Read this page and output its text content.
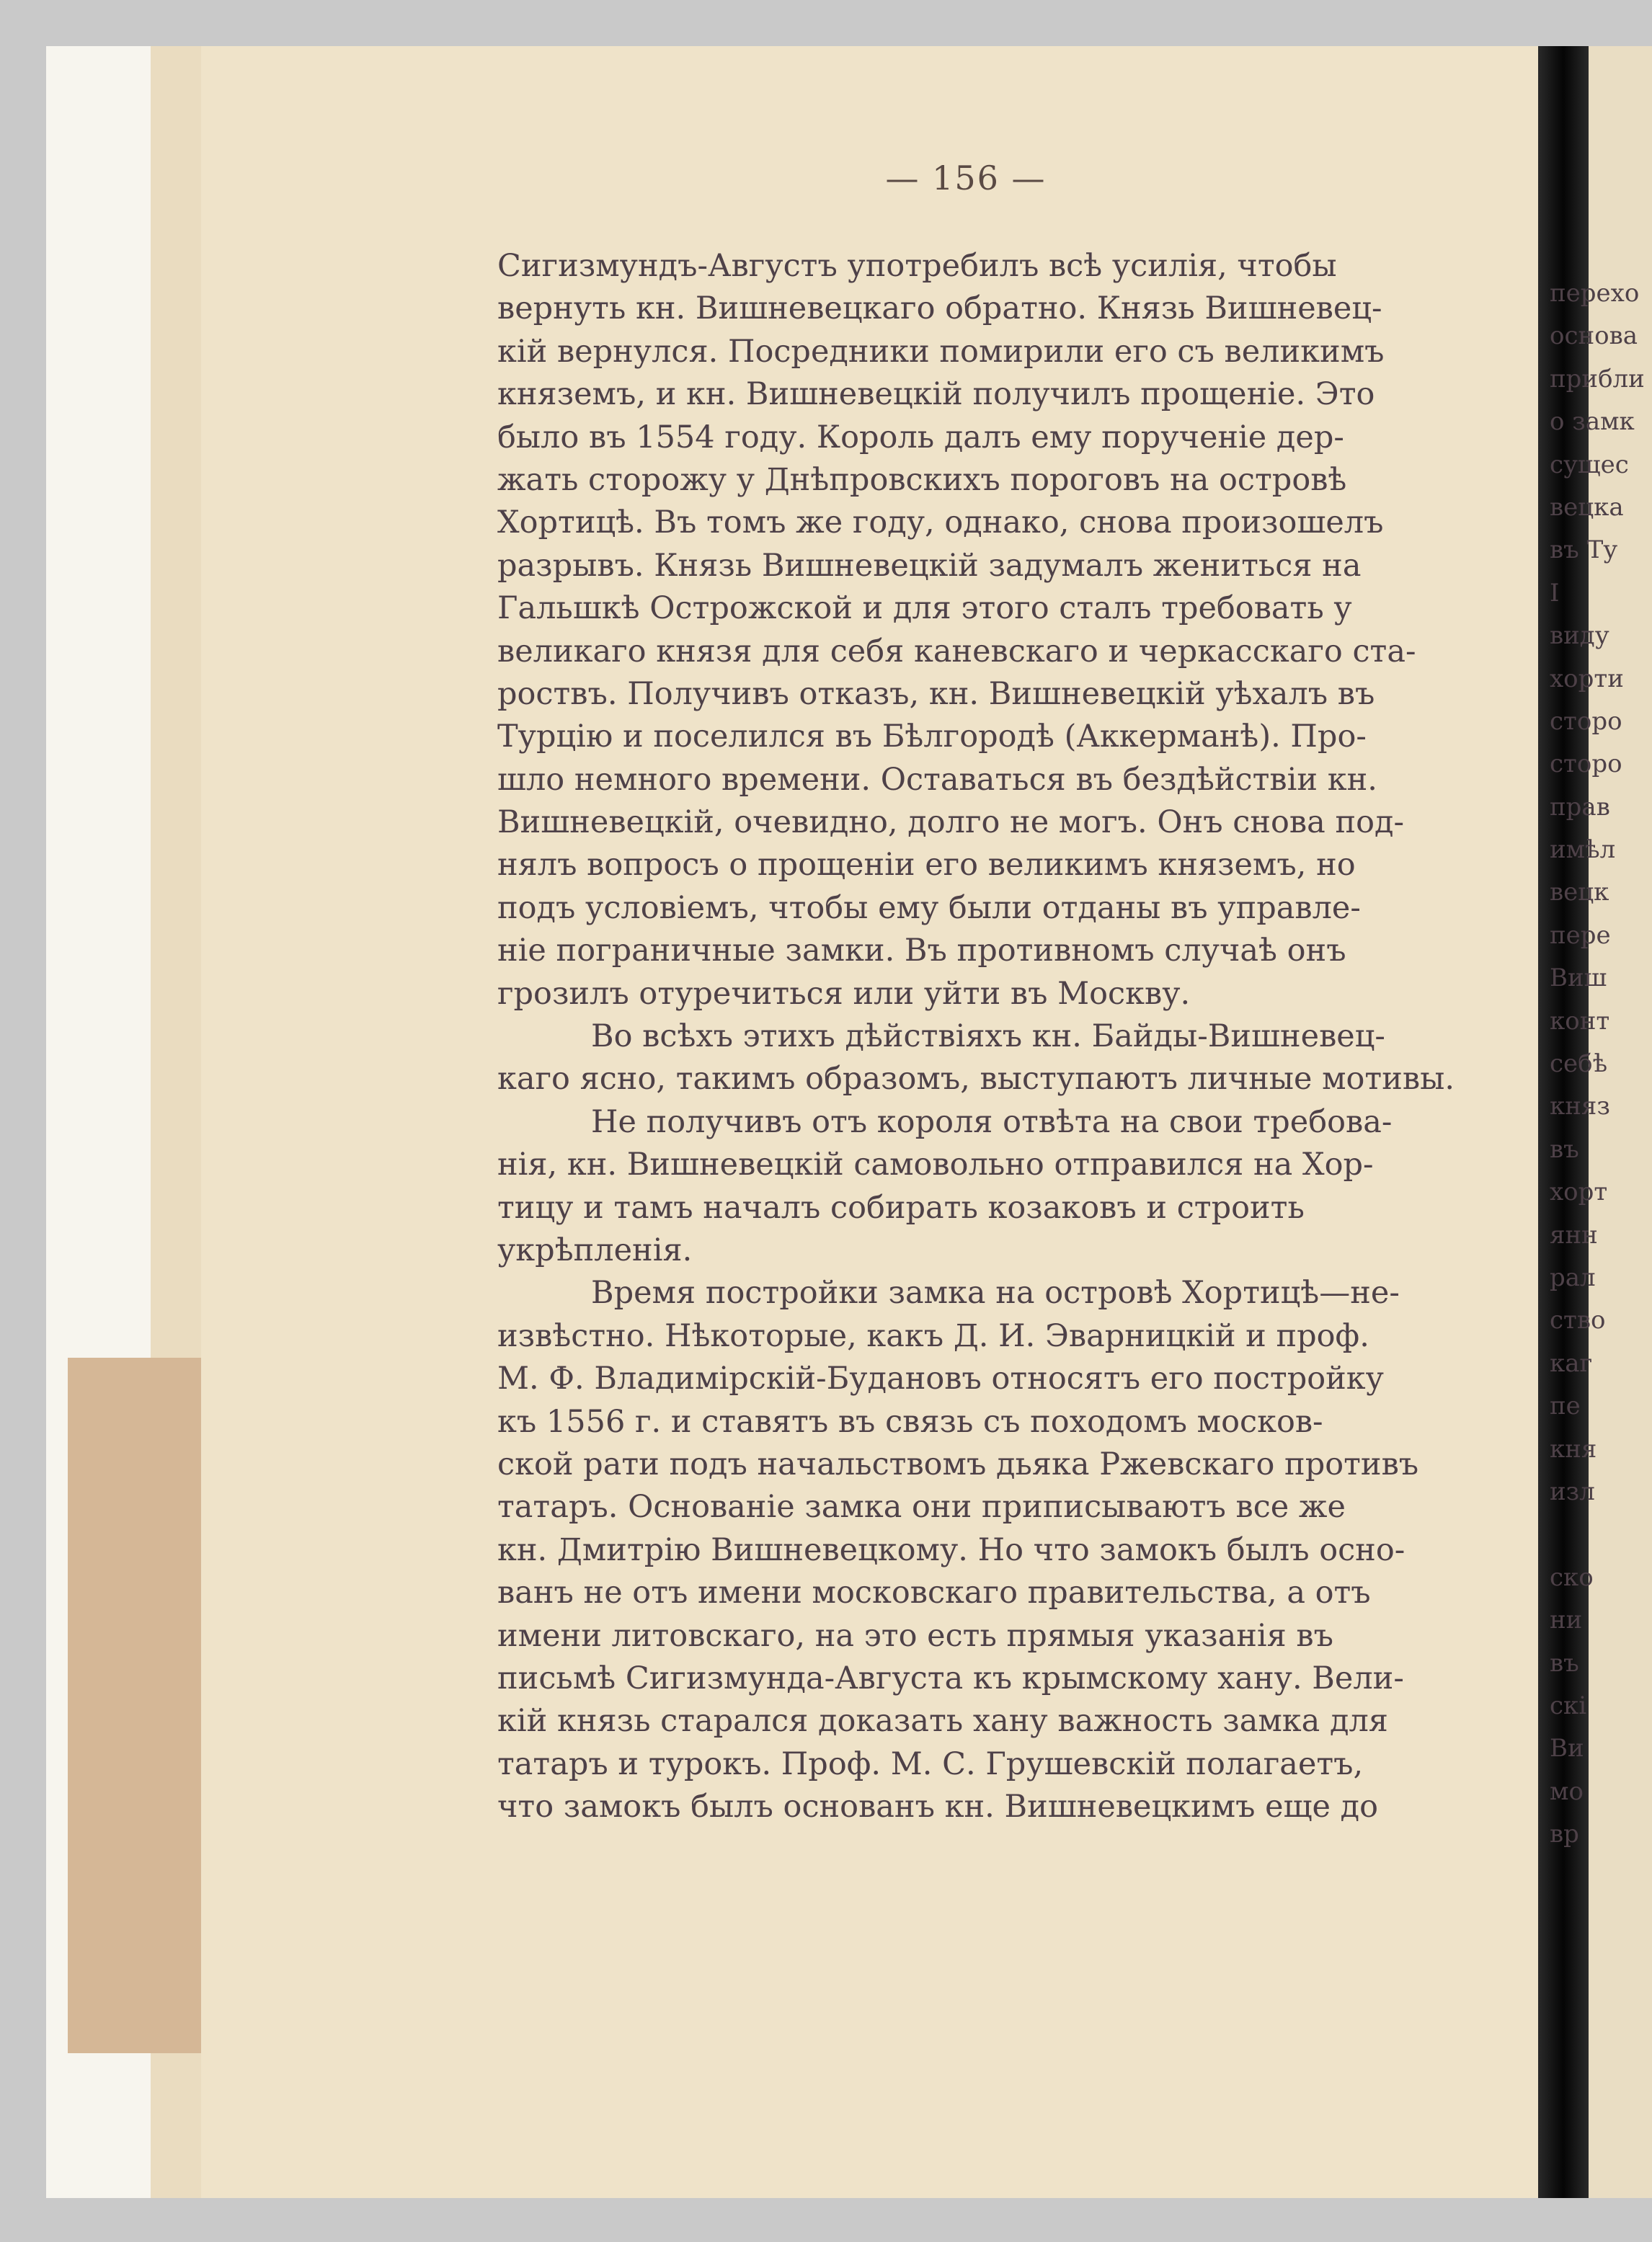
— 156 —
Сигизмундъ-Августъ употребилъ всѣ усилія, чтобы
вернуть кн. Вишневецкаго обратно. Князь Вишневец-
кій вернулся. Посредники помирили его съ великимъ
княземъ, и кн. Вишневецкій получилъ прощеніе. Это
было въ 1554 году. Король далъ ему порученіе дер-
жать сторожу у Днѣпровскихъ пороговъ на островѣ
Хортицѣ. Въ томъ же году, однако, снова произошелъ
разрывъ. Князь Вишневецкій задумалъ жениться на
Гальшкѣ Острожской и для этого сталъ требовать у
великаго князя для себя каневскаго и черкасскаго ста-
роствъ. Получивъ отказъ, кн. Вишневецкій уѣхалъ въ
Турцію и поселился въ Бѣлгородѣ (Аккерманѣ). Про-
шло немного времени. Оставаться въ бездѣйствіи кн.
Вишневецкій, очевидно, долго не могъ. Онъ снова под-
нялъ вопросъ о прощеніи его великимъ княземъ, но
подъ условіемъ, чтобы ему были отданы въ управле-
ніе пограничные замки. Въ противномъ случаѣ онъ
грозилъ отуречиться или уйти въ Москву.
Во всѣхъ этихъ дѣйствіяхъ кн. Байды-Вишневец-
каго ясно, такимъ образомъ, выступаютъ личные мотивы.
Не получивъ отъ короля отвѣта на свои требова-
нія, кн. Вишневецкій самовольно отправился на Хор-
тицу и тамъ началъ собирать козаковъ и строить
укрѣпленія.
Время постройки замка на островѣ Хортицѣ—не-
извѣстно. Нѣкоторые, какъ Д. И. Эварницкій и проф.
М. Ф. Владимірскій-Будановъ относятъ его постройку
къ 1556 г. и ставятъ въ связь съ походомъ москов-
ской рати подъ начальствомъ дьяка Ржевскаго противъ
татаръ. Основаніе замка они приписываютъ все же
кн. Дмитрію Вишневецкому. Но что замокъ былъ осно-
ванъ не отъ имени московскаго правительства, а отъ
имени литовскаго, на это есть прямыя указанія въ
письмѣ Сигизмунда-Августа къ крымскому хану. Вели-
кій князь старался доказать хану важность замка для
татаръ и турокъ. Проф. М. С. Грушевскій полагаетъ,
что замокъ былъ основанъ кн. Вишневецкимъ еще до
перехо
основа
прибли
о замк
сущес
вецка
въ Ту
І
виду
хорти
сторо
сторо
прав
имѣл
вецк
пере
Виш
конт
себѣ
княз
въ
хорт
янн
рал
ство
каг
пе
кня
изл
ско
ни
въ
скі
Ви
мо
вр
